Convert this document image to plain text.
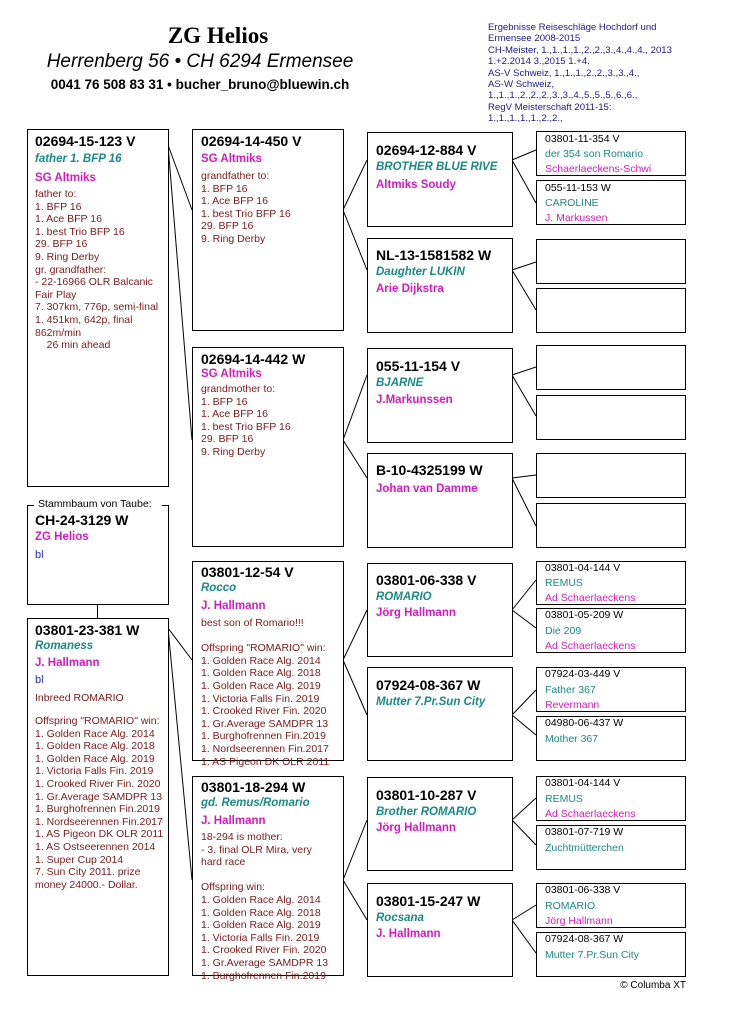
ZG Helios
Herrenberg 56 • CH 6294 Ermensee
0041 76 508 83 31 • bucher_bruno@bluewin.ch
Ergebnisse Reiseschläge Hochdorf und
Ermensee 2008-2015
CH-Meister, 1.,1.,1.,1.,2.,2.,3.,4.,4.,4., 2013
1.+2.2014 3.,2015 1.+4.
AS-V Schweiz, 1.,1.,1.,2.,2.,3.,3.,4.,
AS-W Schweiz,
1.,1.,1.,2.,2.,2.,3.,3.,4.,5.,5.,5.,6.,6.,
RegV Meisterschaft 2011-15:
1.,1.,1.,1.,1.,2.,2.,
Stammbaum von Taube:
CH-24-3129 W
ZG Helios
bl
02694-15-123 V
father 1. BFP 16
SG Altmiks
father to:
1. BFP 16
1. Ace BFP 16
1. best Trio BFP 16
29. BFP 16
9. Ring Derby
gr. grandfather:
- 22-16966 OLR Balcanic
Fair Play
7. 307km, 776p, semi-final
1. 451km, 642p, final
862m/min
26 min ahead
03801-23-381 W
Romaness
J. Hallmann
bl
Inbreed ROMARIO
Offspring "ROMARIO" win:
1. Golden Race Alg. 2014
1. Golden Race Alg. 2018
1. Golden Race Alg. 2019
1. Victoria Falls Fin. 2019
1. Crooked River Fin. 2020
1. Gr.Average SAMDPR 13
1. Burghofrennen Fin.2019
1. Nordseerennen Fin.2017
1. AS Pigeon DK OLR 2011
1. AS Ostseerennen 2014
1. Super Cup 2014
7. Sun City 2011. prize
money 24000.- Dollar.
02694-14-450 V
SG Altmiks
grandfather to:
1. BFP 16
1. Ace BFP 16
1. best Trio BFP 16
29. BFP 16
9. Ring Derby
02694-14-442 W
SG Altmiks
grandmother to:
1. BFP 16
1. Ace BFP 16
1. best Trio BFP 16
29. BFP 16
9. Ring Derby
03801-12-54 V
Rocco
J. Hallmann
best son of Romario!!!

Offspring "ROMARIO" win:
1. Golden Race Alg. 2014
1. Golden Race Alg. 2018
1. Golden Race Alg. 2019
1. Victoria Falls Fin. 2019
1. Crooked River Fin. 2020
1. Gr.Average SAMDPR 13
1. Burghofrennen Fin.2019
1. Nordseerennen Fin.2017
1. AS Pigeon DK OLR 2011
03801-18-294 W
gd. Remus/Romario
J. Hallmann
18-294 is mother:
- 3. final OLR Mira, very
hard race

Offspring win:
1. Golden Race Alg. 2014
1. Golden Race Alg. 2018
1. Golden Race Alg. 2019
1. Victoria Falls Fin. 2019
1. Crooked River Fin. 2020
1. Gr.Average SAMDPR 13
1. Burghofrennen Fin.2019
02694-12-884 V
BROTHER BLUE RIVE
Altmiks Soudy
NL-13-1581582 W
Daughter LUKIN
Arie Dijkstra
055-11-154 V
BJARNE
J.Markunssen
B-10-4325199 W
Johan van Damme
03801-06-338 V
ROMARIO
Jörg Hallmann
07924-08-367 W
Mutter 7.Pr.Sun City
03801-10-287 V
Brother ROMARIO
Jörg Hallmann
03801-15-247 W
Rocsana
J. Hallmann
03801-11-354 V
der 354 son Romario
Schaerlaeckens-Schwi
055-11-153 W
CAROLINE
J. Markussen
03801-04-144 V
REMUS
Ad Schaerlaeckens
03801-05-209 W
Die 209
Ad Schaerlaeckens
07924-03-449 V
Father 367
Revermann
04980-06-437 W
Mother 367
03801-04-144 V
REMUS
Ad Schaerlaeckens
03801-07-719 W
Zuchtmütterchen
03801-06-338 V
ROMARIO
Jörg Hallmann
07924-08-367 W
Mutter 7.Pr.Sun City
© Columba XT
